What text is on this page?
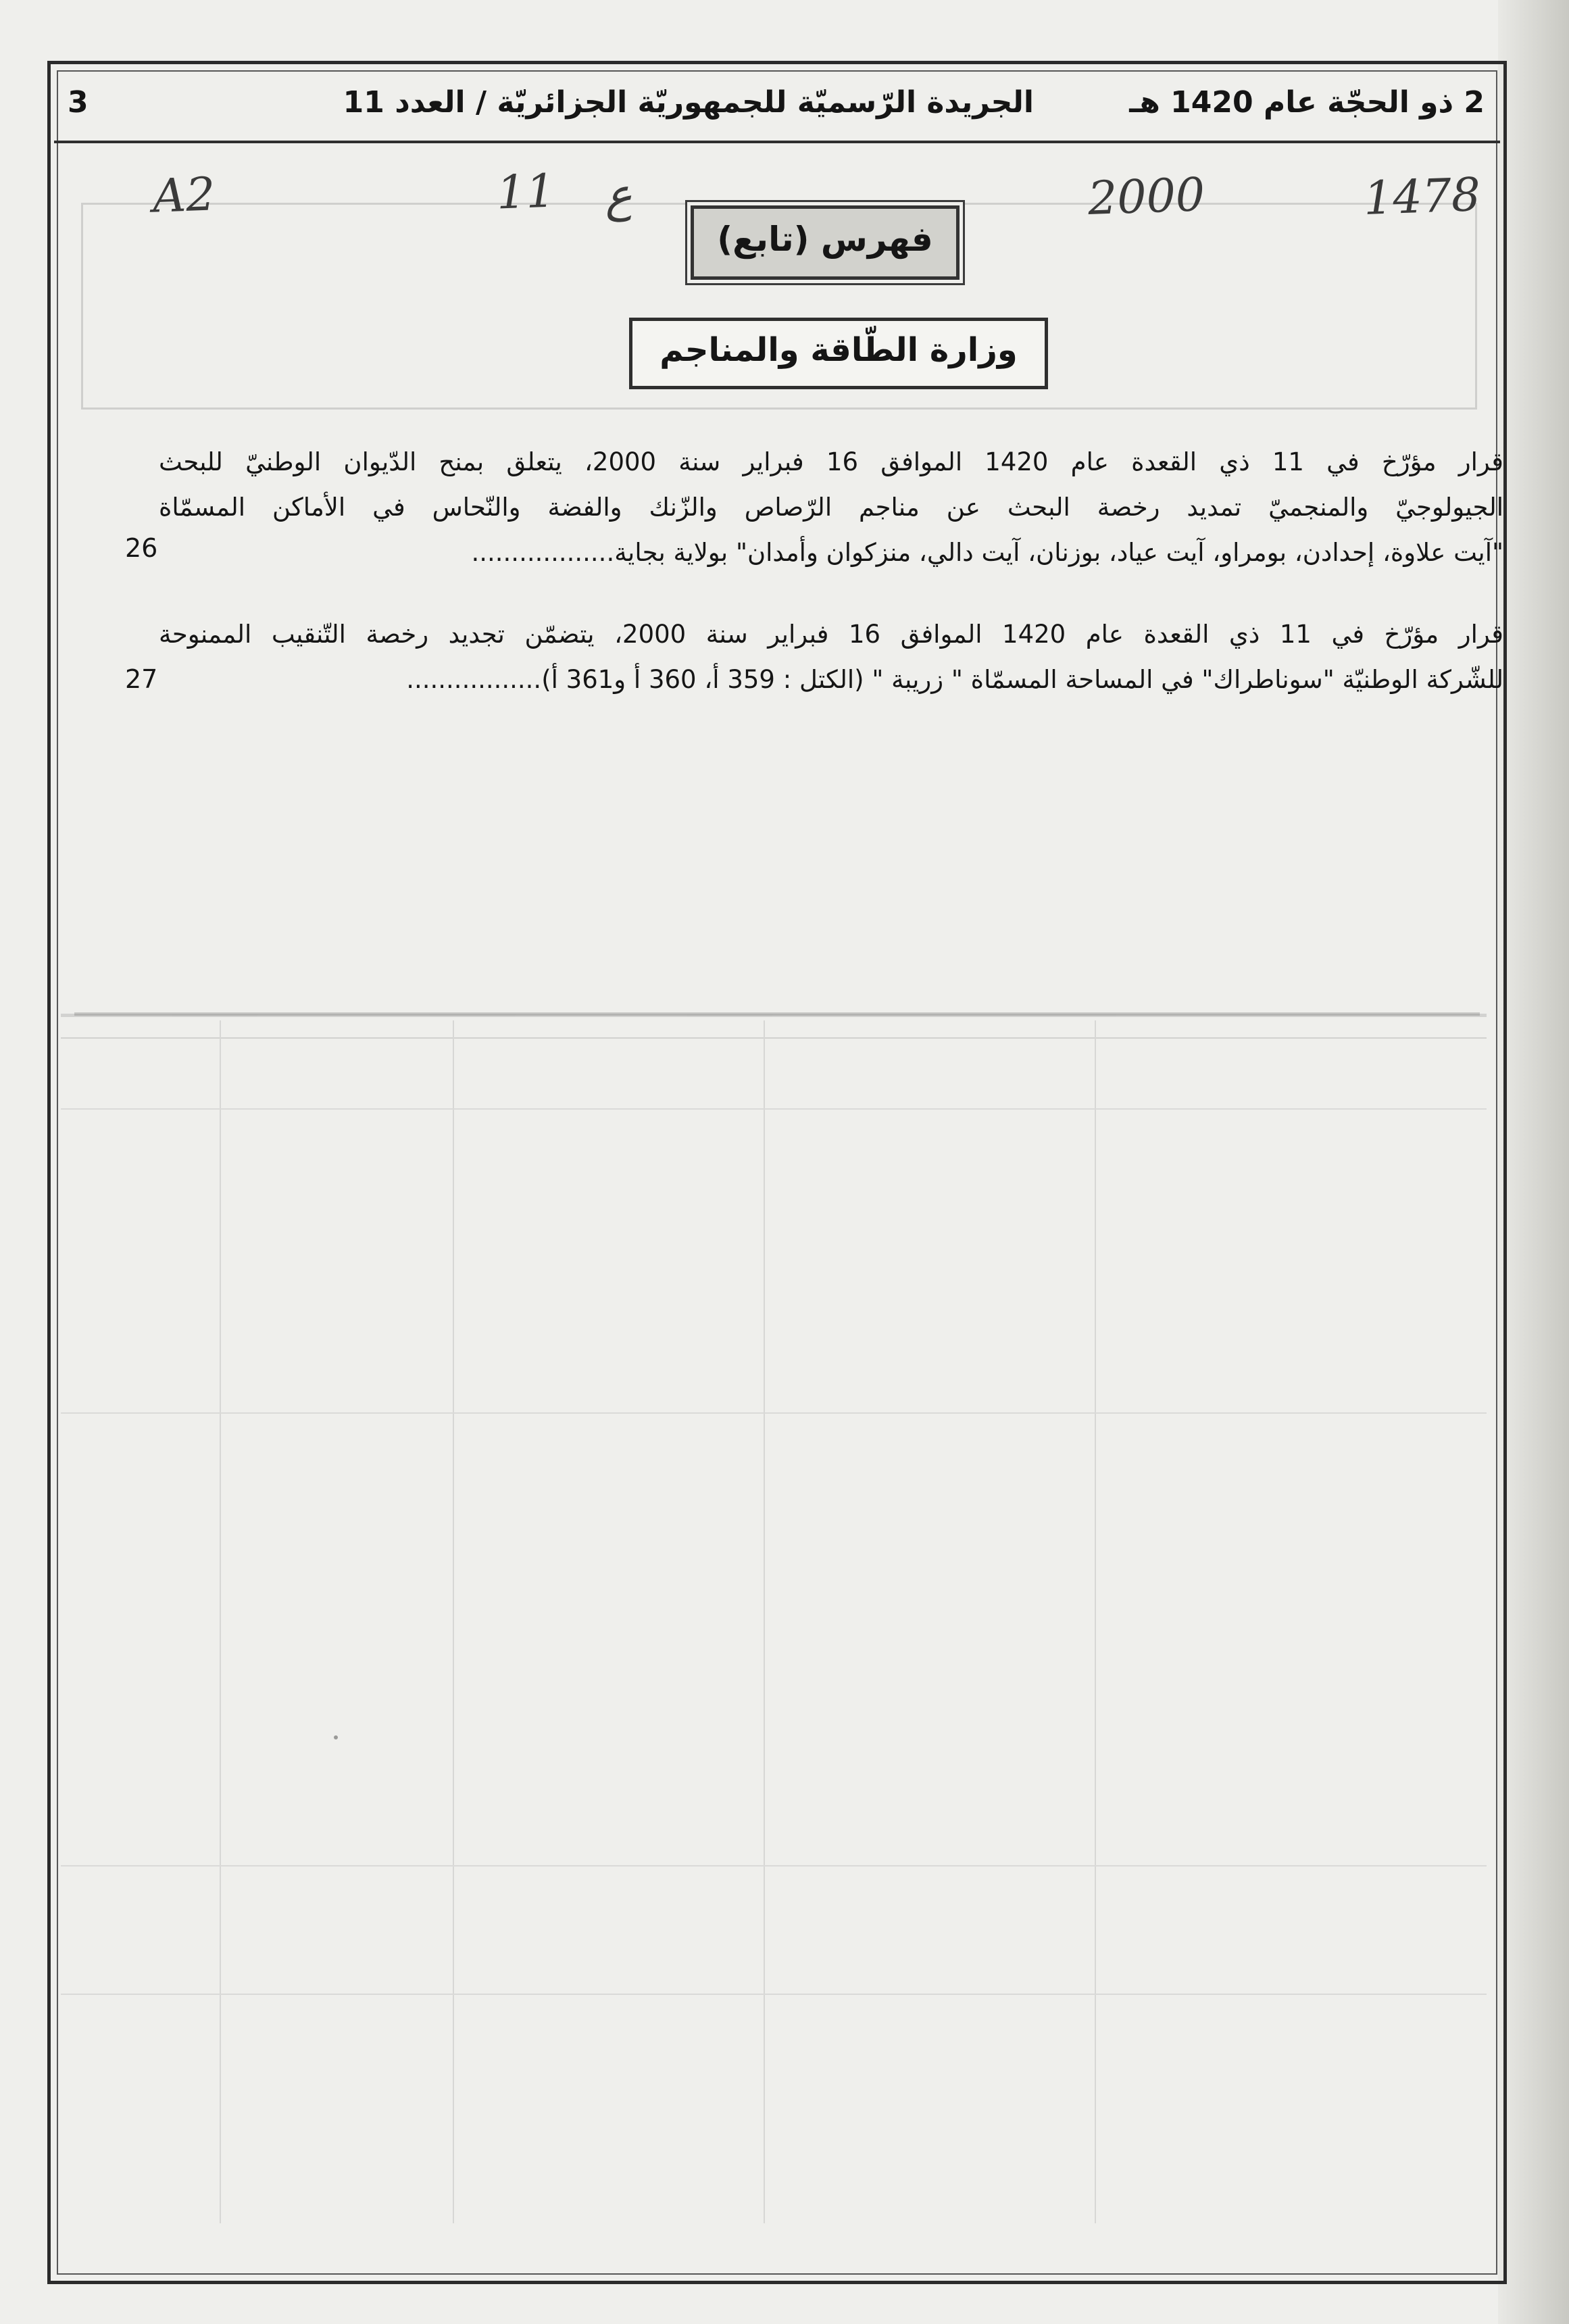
2 ذو الحجّة عام 1420 هـ
الجريدة الرّسميّة للجمهوريّة الجزائريّة / العدد 11
3
A2	11 ع	2000	1478
فهرس (تابع)
وزارة الطّاقة والمناجم
قرار مؤرّخ في 11 ذي القعدة عام 1420 الموافق 16 فبراير سنة 2000، يتعلق بمنح الدّيوان الوطنيّ للبحث
الجيولوجيّ والمنجميّ تمديد رخصة البحث عن مناجم الرّصاص والزّنك والفضة والنّحاس في الأماكن المسمّاة
"آيت علاوة، إحدادن، بومراو، آيت عياد، بوزنان، آيت دالي، منزكوان وأمدان" بولاية بجاية..................
26
قرار مؤرّخ في 11 ذي القعدة عام 1420 الموافق 16 فبراير سنة 2000، يتضمّن تجديد رخصة التّنقيب الممنوحة
للشّركة الوطنيّة "سوناطراك" في المساحة المسمّاة " زريبة " (الكتل : 359 أ، 360 أ و361 أ).................
27
